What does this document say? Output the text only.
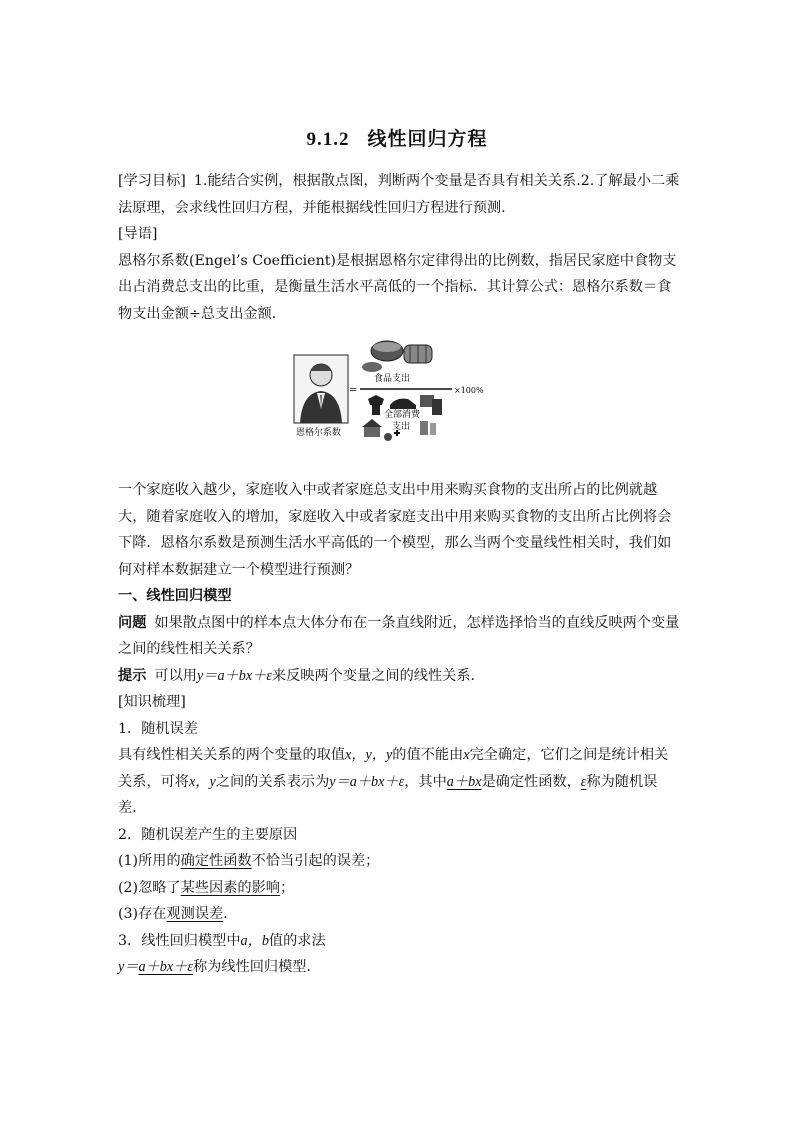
9.1.2 线性回归方程

[学习目标] 1.能结合实例，根据散点图，判断两个变量是否具有相关关系.2.了解最小二乘法原理，会求线性回归方程，并能根据线性回归方程进行预测.

[导语]

恩格尔系数(Engel’s Coefficient)是根据恩格尔定律得出的比例数，指居民家庭中食物支出占消费总支出的比重，是衡量生活水平高低的一个指标．其计算公式：恩格尔系数＝食物支出金额÷总支出金额．

恩格尔系数
=
食品支出
×100%
全部消费
支出

一个家庭收入越少，家庭收入中或者家庭总支出中用来购买食物的支出所占的比例就越大，随着家庭收入的增加，家庭收入中或者家庭支出中用来购买食物的支出所占比例将会下降．恩格尔系数是预测生活水平高低的一个模型，那么当两个变量线性相关时，我们如何对样本数据建立一个模型进行预测？

一、线性回归模型

问题 如果散点图中的样本点大体分布在一条直线附近，怎样选择恰当的直线反映两个变量之间的线性相关关系？

提示 可以用y＝a＋bx＋ε来反映两个变量之间的线性关系．

[知识梳理]

1．随机误差

具有线性相关关系的两个变量的取值x，y，y的值不能由x完全确定，它们之间是统计相关关系，可将x，y之间的关系表示为y＝a＋bx＋ε，其中a＋bx是确定性函数，ε称为随机误差．

2．随机误差产生的主要原因

(1)所用的确定性函数不恰当引起的误差；

(2)忽略了某些因素的影响；

(3)存在观测误差．

3．线性回归模型中a，b值的求法

y＝a＋bx＋ε称为线性回归模型．
